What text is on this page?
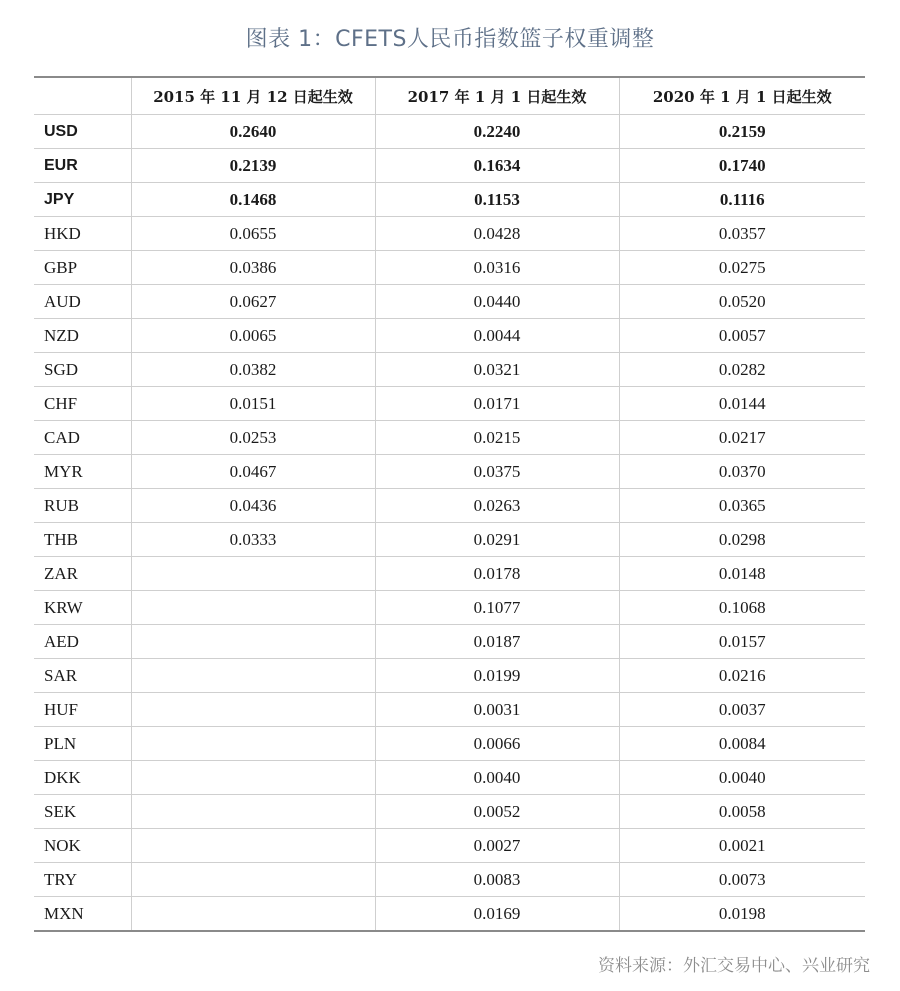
图表 1：CFETS人民币指数篮子权重调整
	2015 年 11 月 12 日起生效	2017 年 1 月 1 日起生效	2020 年 1 月 1 日起生效
USD	0.2640	0.2240	0.2159
EUR	0.2139	0.1634	0.1740
JPY	0.1468	0.1153	0.1116
HKD	0.0655	0.0428	0.0357
GBP	0.0386	0.0316	0.0275
AUD	0.0627	0.0440	0.0520
NZD	0.0065	0.0044	0.0057
SGD	0.0382	0.0321	0.0282
CHF	0.0151	0.0171	0.0144
CAD	0.0253	0.0215	0.0217
MYR	0.0467	0.0375	0.0370
RUB	0.0436	0.0263	0.0365
THB	0.0333	0.0291	0.0298
ZAR		0.0178	0.0148
KRW		0.1077	0.1068
AED		0.0187	0.0157
SAR		0.0199	0.0216
HUF		0.0031	0.0037
PLN		0.0066	0.0084
DKK		0.0040	0.0040
SEK		0.0052	0.0058
NOK		0.0027	0.0021
TRY		0.0083	0.0073
MXN		0.0169	0.0198
资料来源：外汇交易中心、兴业研究
